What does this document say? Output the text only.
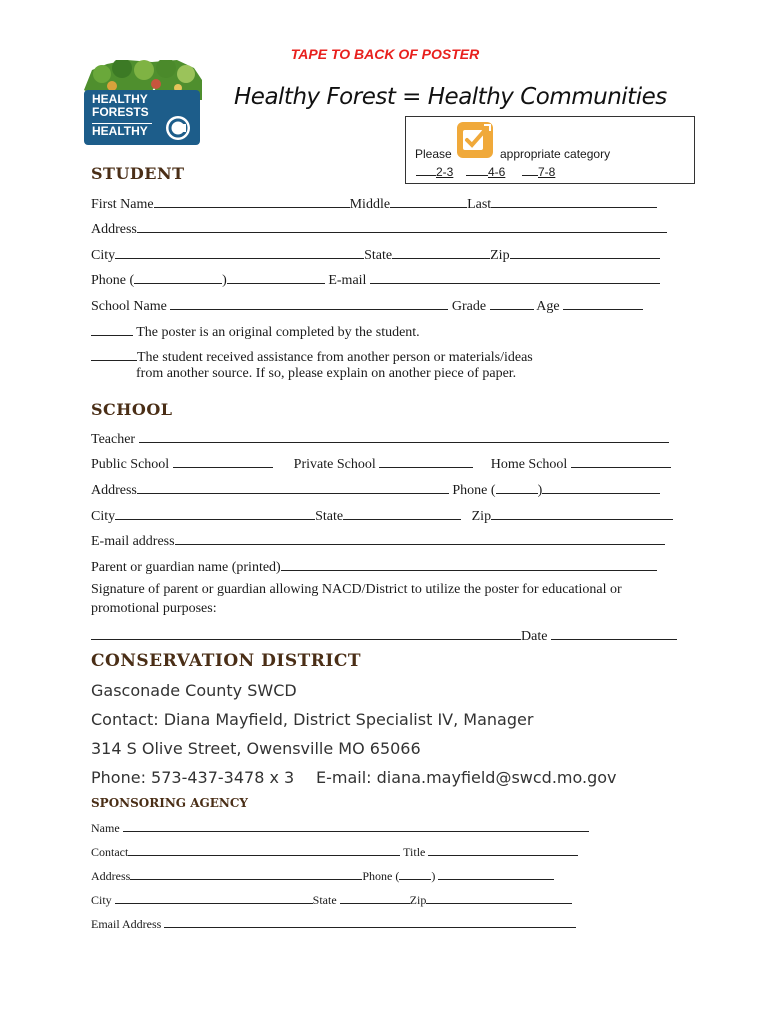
TAPE TO BACK OF POSTER
HEALTHY
FORESTS
HEALTHY
Healthy Forest = Healthy Communities
Please	appropriate category
2-3	4-6	7-8
STUDENT
First Name	Middle	Last
Address
City	State	Zip
Phone (	)	E-mail
School Name	Grade	Age
The poster is an original completed by the student.
The student received assistance from another person or materials/ideas
from another source. If so, please explain on another piece of paper.
SCHOOL
Teacher
Public School	Private School	Home School
Address	Phone (	)
City	State	Zip
E-mail address
Parent or guardian name (printed)
Signature of parent or guardian allowing NACD/District to utilize the poster for educational or
promotional purposes:
Date
CONSERVATION DISTRICT
Gasconade County SWCD
Contact: Diana Mayfield, District Specialist IV, Manager
314 S Olive Street, Owensville MO 65066
Phone: 573-437-3478 x 3 E-mail: diana.mayfield@swcd.mo.gov
SPONSORING AGENCY
Name
Contact	Title
Address	Phone (	)
City	State	Zip
Email Address
